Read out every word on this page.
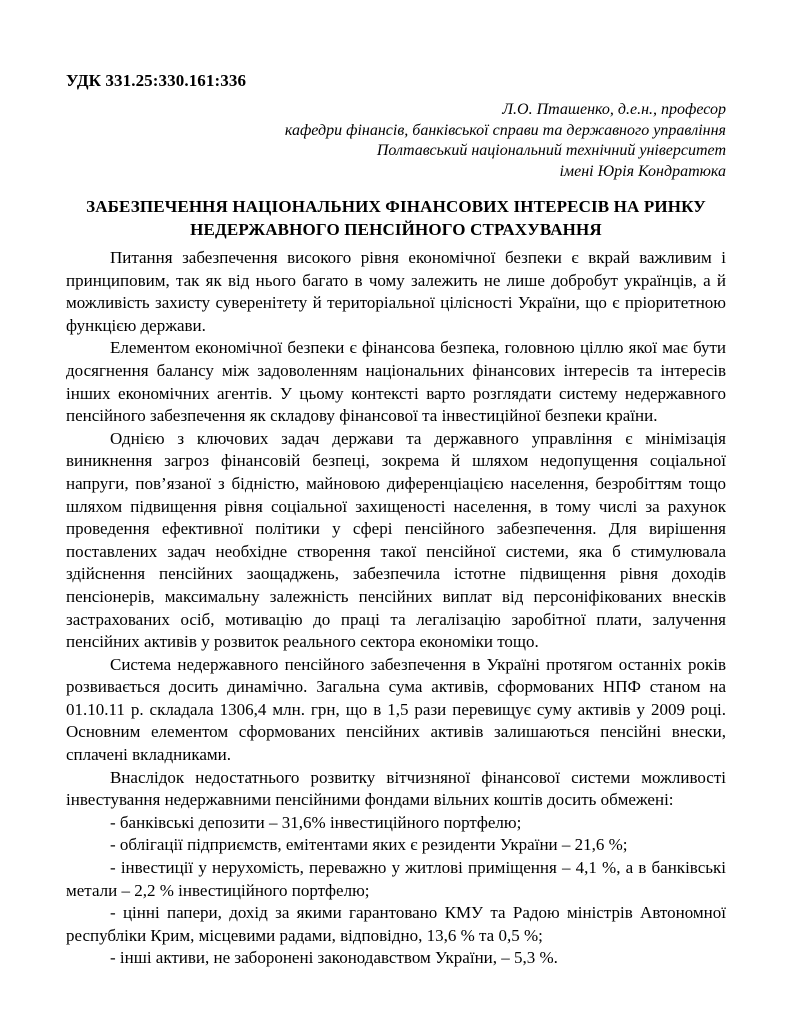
УДК 331.25:330.161:336
Л.О. Пташенко, д.е.н., професор
кафедри фінансів, банківської справи та державного управління
Полтавський національний технічний університет
імені Юрія Кондратюка
ЗАБЕЗПЕЧЕННЯ НАЦІОНАЛЬНИХ ФІНАНСОВИХ ІНТЕРЕСІВ НА РИНКУ
НЕДЕРЖАВНОГО ПЕНСІЙНОГО СТРАХУВАННЯ

Питання забезпечення високого рівня економічної безпеки є вкрай важливим і принциповим, так як від нього багато в чому залежить не лише добробут українців, а й можливість захисту суверенітету й територіальної цілісності України, що є пріоритетною функцією держави.

Елементом економічної безпеки є фінансова безпека, головною ціллю якої має бути досягнення балансу між задоволенням національних фінансових інтересів та інтересів інших економічних агентів. У цьому контексті варто розглядати систему недержавного пенсійного забезпечення як складову фінансової та інвестиційної безпеки країни.

Однією з ключових задач держави та державного управління є мінімізація виникнення загроз фінансовій безпеці, зокрема й шляхом недопущення соціальної напруги, пов’язаної з бідністю, майновою диференціацією населення, безробіттям тощо шляхом підвищення рівня соціальної захищеності населення, в тому числі за рахунок проведення ефективної політики у сфері пенсійного забезпечення. Для вирішення поставлених задач необхідне створення такої пенсійної системи, яка б стимулювала здійснення пенсійних заощаджень, забезпечила істотне підвищення рівня доходів пенсіонерів, максимальну залежність пенсійних виплат від персоніфікованих внесків застрахованих осіб, мотивацію до праці та легалізацію заробітної плати, залучення пенсійних активів у розвиток реального сектора економіки тощо.

Система недержавного пенсійного забезпечення в Україні протягом останніх років розвивається досить динамічно. Загальна сума активів, сформованих НПФ станом на 01.10.11 р. складала 1306,4 млн. грн, що в 1,5 рази перевищує суму активів у 2009 році. Основним елементом сформованих пенсійних активів залишаються пенсійні внески, сплачені вкладниками.

Внаслідок недостатнього розвитку вітчизняної фінансової системи можливості інвестування недержавними пенсійними фондами вільних коштів досить обмежені:

- банківські депозити – 31,6% інвестиційного портфелю;

- облігації підприємств, емітентами яких є резиденти України – 21,6 %;

- інвестиції у нерухомість, переважно у житлові приміщення – 4,1 %, а в банківські метали – 2,2 % інвестиційного портфелю;

- цінні папери, дохід за якими гарантовано КМУ та Радою міністрів Автономної республіки Крим, місцевими радами, відповідно, 13,6 % та 0,5 %;

- інші активи, не заборонені законодавством України, – 5,3 %.
